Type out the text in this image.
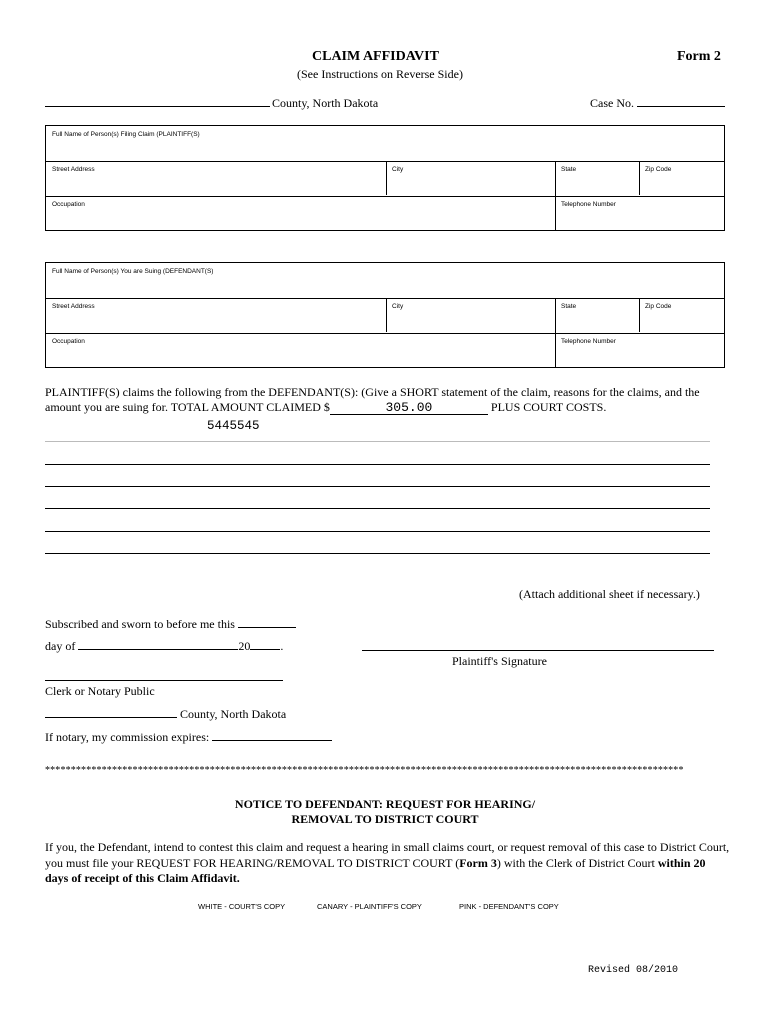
CLAIM AFFIDAVIT	Form 2
(See Instructions on Reverse Side)
County, North Dakota	Case No.
Full Name of Person(s) Filing Claim (PLAINTIFF(S)
Street Address	City	State	Zip Code
Occupation	Telephone Number
Full Name of Person(s) You are Suing (DEFENDANT(S)
Street Address	City	State	Zip Code
Occupation	Telephone Number
PLAINTIFF(S) claims the following from the DEFENDANT(S): (Give a SHORT statement of the claim, reasons for the claims, and the
amount you are suing for. TOTAL AMOUNT CLAIMED $	305.00	PLUS COURT COSTS.
5445545
(Attach additional sheet if necessary.)
Subscribed and sworn to before me this
day of	20	.
Plaintiff's Signature
Clerk or Notary Public
County, North Dakota
If notary, my commission expires:
****************************************************************************************************************************
NOTICE TO DEFENDANT: REQUEST FOR HEARING/
REMOVAL TO DISTRICT COURT
If you, the Defendant, intend to contest this claim and request a hearing in small claims court, or request removal of this case to District Court, you must file your REQUEST FOR HEARING/REMOVAL TO DISTRICT COURT (Form 3) with the Clerk of District Court within 20 days of receipt of this Claim Affidavit.
WHITE - COURT'S COPY	CANARY - PLAINTIFF'S COPY	PINK - DEFENDANT'S COPY
Revised 08/2010
